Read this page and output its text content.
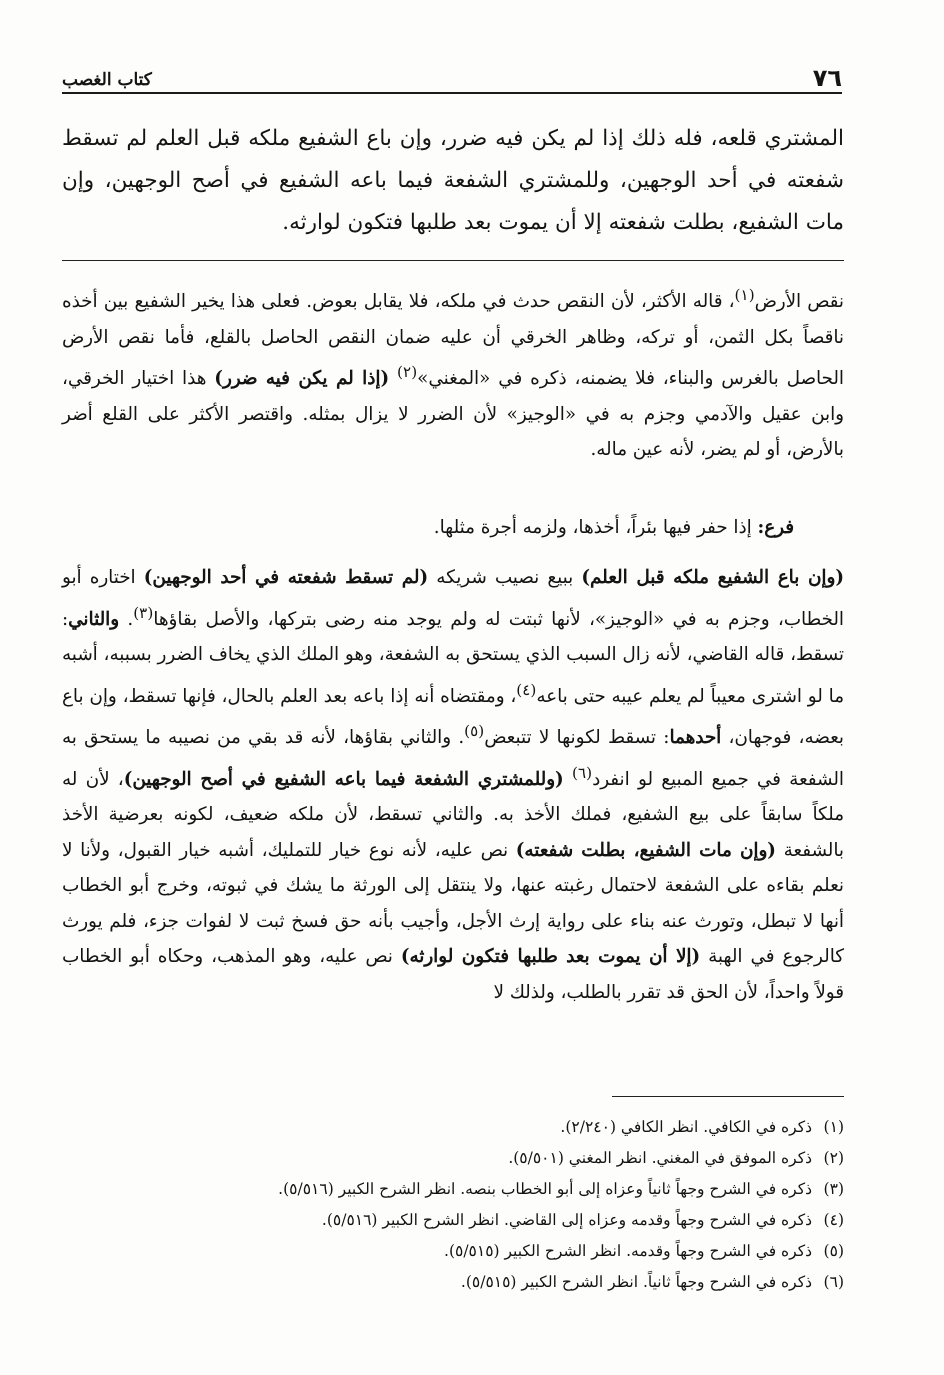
٧٦
كتاب الغصب
المشتري قلعه، فله ذلك إذا لم يكن فيه ضرر، وإن باع الشفيع ملكه قبل العلم لم تسقط شفعته في أحد الوجهين، وللمشتري الشفعة فيما باعه الشفيع في أصح الوجهين، وإن مات الشفيع، بطلت شفعته إلا أن يموت بعد طلبها فتكون لوارثه.
نقص الأرض$^{(١)}$، قاله الأكثر، لأن النقص حدث في ملكه، فلا يقابل بعوض. فعلى هذا يخير الشفيع بين أخذه ناقصاً بكل الثمن، أو تركه، وظاهر الخرقي أن عليه ضمان النقص الحاصل بالقلع، فأما نقص الأرض الحاصل بالغرس والبناء، فلا يضمنه، ذكره في «المغني»$^{(٢)}$ (إذا لم يكن فيه ضرر) هذا اختيار الخرقي، وابن عقيل والآدمي وجزم به في «الوجيز» لأن الضرر لا يزال بمثله. واقتصر الأكثر على القلع أضر بالأرض، أو لم يضر، لأنه عين ماله.
فرع: إذا حفر فيها بئراً، أخذها، ولزمه أجرة مثلها.
(وإن باع الشفيع ملكه قبل العلم) ببيع نصيب شريكه (لم تسقط شفعته في أحد الوجهين) اختاره أبو الخطاب، وجزم به في «الوجيز»، لأنها ثبتت له ولم يوجد منه رضى بتركها، والأصل بقاؤها$^{(٣)}$. والثاني: تسقط، قاله القاضي، لأنه زال السبب الذي يستحق به الشفعة، وهو الملك الذي يخاف الضرر بسببه، أشبه ما لو اشترى معيباً لم يعلم عيبه حتى باعه$^{(٤)}$، ومقتضاه أنه إذا باعه بعد العلم بالحال، فإنها تسقط، وإن باع بعضه، فوجهان، أحدهما: تسقط لكونها لا تتبعض$^{(٥)}$. والثاني بقاؤها، لأنه قد بقي من نصيبه ما يستحق به الشفعة في جميع المبيع لو انفرد$^{(٦)}$ (وللمشتري الشفعة فيما باعه الشفيع في أصح الوجهين)، لأن له ملكاً سابقاً على بيع الشفيع، فملك الأخذ به. والثاني تسقط، لأن ملكه ضعيف، لكونه بعرضية الأخذ بالشفعة (وإن مات الشفيع، بطلت شفعته) نص عليه، لأنه نوع خيار للتمليك، أشبه خيار القبول، ولأنا لا نعلم بقاءه على الشفعة لاحتمال رغبته عنها، ولا ينتقل إلى الورثة ما يشك في ثبوته، وخرج أبو الخطاب أنها لا تبطل، وتورث عنه بناء على رواية إرث الأجل، وأجيب بأنه حق فسخ ثبت لا لفوات جزء، فلم يورث كالرجوع في الهبة (إلا أن يموت بعد طلبها فتكون لوارثه) نص عليه، وهو المذهب، وحكاه أبو الخطاب قولاً واحداً، لأن الحق قد تقرر بالطلب، ولذلك لا
(١)
ذكره في الكافي. انظر الكافي (٢/٢٤٠).
(٢)
ذكره الموفق في المغني. انظر المغني (٥/٥٠١).
(٣)
ذكره في الشرح وجهاً ثانياً وعزاه إلى أبو الخطاب بنصه. انظر الشرح الكبير (٥/٥١٦).
(٤)
ذكره في الشرح وجهاً وقدمه وعزاه إلى القاضي. انظر الشرح الكبير (٥/٥١٦).
(٥)
ذكره في الشرح وجهاً وقدمه. انظر الشرح الكبير (٥/٥١٥).
(٦)
ذكره في الشرح وجهاً ثانياً. انظر الشرح الكبير (٥/٥١٥).
